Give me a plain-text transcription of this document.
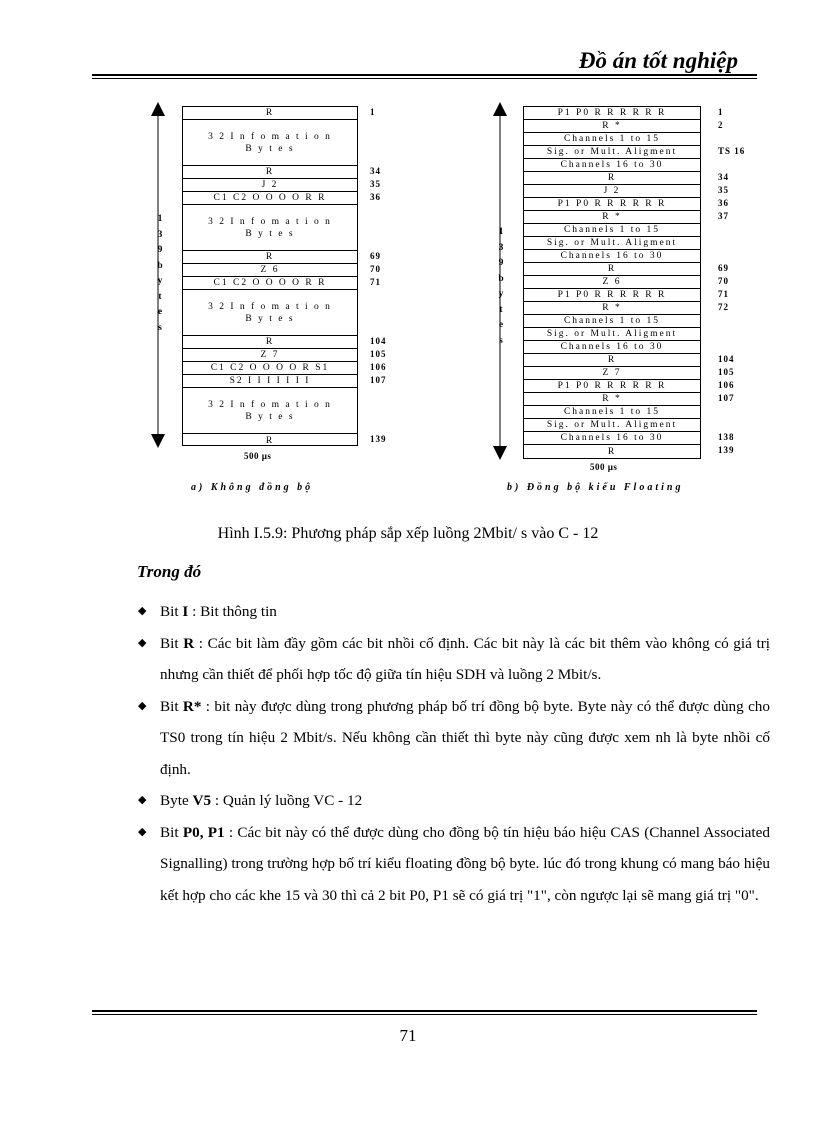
Đồ án tốt nghiệp
1
3
9
b
y
t
e
s
R
3 2 I n f o m a t i o n
B y t e s
R
J 2
C1 C2 O O O O R R
3 2 I n f o m a t i o n
B y t e s
R
Z 6
C1 C2 O O O O R R
3 2 I n f o m a t i o n
B y t e s
R
Z 7
C1 C2 O O O O R S1
S2 I I I I I I I
3 2 I n f o m a t i o n
B y t e s
R
1
34
35
36
69
70
71
104
105
106
107
139
500 µs
a) Không đồng bộ
1
3
9
b
y
t
e
s
P1 P0 R R R R R R
R *
Channels 1 to 15
Sig. or Mult. Aligment
Channels 16 to 30
R
J 2
P1 P0 R R R R R R
R *
Channels 1 to 15
Sig. or Mult. Aligment
Channels 16 to 30
R
Z 6
P1 P0 R R R R R R
R *
Channels 1 to 15
Sig. or Mult. Aligment
Channels 16 to 30
R
Z 7
P1 P0 R R R R R R
R *
Channels 1 to 15
Sig. or Mult. Aligment
Channels 16 to 30
R
1
2
TS 16
34
35
36
37
69
70
71
72
104
105
106
107
138
139
500 µs
b) Đồng bộ kiểu Floating
Hình I.5.9: Phương pháp sắp xếp luồng 2Mbit/ s vào C - 12
Trong đó
◆ Bit I : Bit thông tin
◆ Bit R : Các bit làm đầy gồm các bit nhồi cố định. Các bit này là các bit thêm vào không có giá trị nhưng cần thiết để phối hợp tốc độ giữa tín hiệu SDH và luồng 2 Mbit/s.
◆ Bit R* : bit này được dùng trong phương pháp bố trí đồng bộ byte. Byte này có thể được dùng cho TS0 trong tín hiệu 2 Mbit/s. Nếu không cần thiết thì byte này cũng được xem nh là byte nhồi cố định.
◆ Byte V5 : Quản lý luồng VC - 12
◆ Bit P0, P1 : Các bit này có thể được dùng cho đồng bộ tín hiệu báo hiệu CAS (Channel Associated Signalling) trong trường hợp bố trí kiểu floating đồng bộ byte. lúc đó trong khung có mang báo hiệu kết hợp cho các khe 15 và 30 thì cả 2 bit P0, P1 sẽ có giá trị "1", còn ngược lại sẽ mang giá trị "0".
71
